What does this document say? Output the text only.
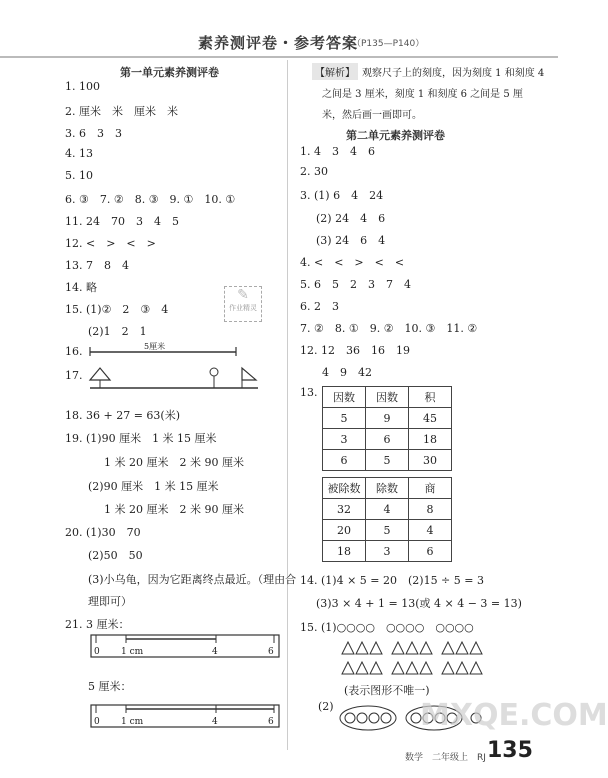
素养测评卷・参考答案
（P135—P140）
第一单元素养测评卷
1. 100
2. 厘米　米　厘米　米
3. 6　3　3
4. 13
5. 10
6. ③　7. ②　8. ③　9. ①　10. ①
11. 24　70　3　4　5
12. <　>　<　>
13. 7　8　4
14. 略
15. (1)②　2　③　4
(2)1　2　1
16.	5厘米
17.
18. 36 + 27 = 63(米)
19. (1)90 厘米　1 米 15 厘米
1 米 20 厘米　2 米 90 厘米
(2)90 厘米　1 米 15 厘米
1 米 20 厘米　2 米 90 厘米
20. (1)30　70
(2)50　50
(3)小乌龟，因为它距离终点最近。（理由合
理即可）
21. 3 厘米：
0 1 cm	4	6
5 厘米：
0 1 cm	4	6
✎
作业精灵
【解析】 观察尺子上的刻度，因为刻度 1 和刻度 4
之间是 3 厘米，刻度 1 和刻度 6 之间是 5 厘
米，然后画一画即可。
第二单元素养测评卷
1. 4　3　4　6
2. 30
3. (1) 6　4　24
(2) 24　4　6
(3) 24　6　4
4. <　<　>　<　<
5. 6　5　2　3　7　4
6. 2　3
7. ②　8. ①　9. ②　10. ③　11. ②
12. 12　36　16　19
4　9　42
13. 因数	因数	积
5	9	45
3	6	18
6	5	30
被除数	除数	商
32	4	8
20	5	4
18	3	6
14. (1)4 × 5 = 20　(2)15 ÷ 5 = 3
(3)3 × 4 + 1 = 13(或 4 × 4 − 3 = 13)
15. (1)○○○○　○○○○　○○○○
(表示图形不唯一)
(2)	MXQE.COM
数学　二年级上　RJ 135
